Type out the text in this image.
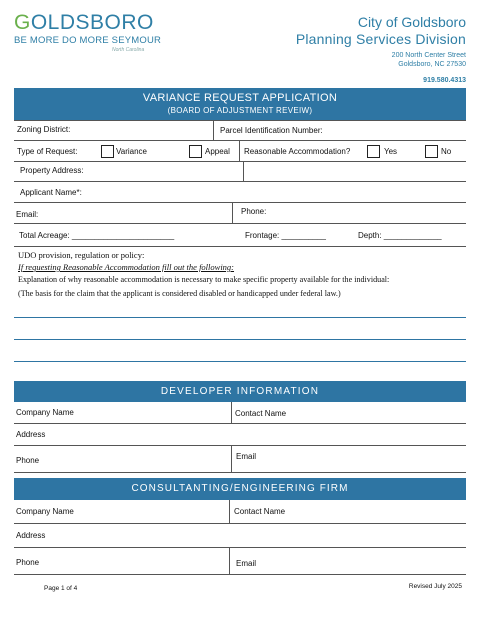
GOLDSBORO
BE MORE DO MORE SEYMOUR
North Carolina
City of Goldsboro
Planning Services Division
200 North Center Street
Goldsboro, NC 27530
919.580.4313
VARIANCE REQUEST APPLICATION
(BOARD OF ADJUSTMENT REVEIW)
Zoning District:	Parcel Identification Number:
Type of Request:	Variance	Appeal Reasonable Accommodation?	Yes	No
Property Address:
Applicant Name*:
Email:	Phone:
Total Acreage: _______________________	Frontage: __________	Depth: _____________
UDO provision, regulation or policy:
If requesting Reasonable Accommodation fill out the following:
Explanation of why reasonable accommodation is necessary to make specific property available for the individual:
(The basis for the claim that the applicant is considered disabled or handicapped under federal law.)
DEVELOPER INFORMATION
Company Name	Contact Name
Address
Phone	Email
CONSULTANTING/ENGINEERING FIRM
Company Name	Contact Name
Address
Phone	Email
Page 1 of 4	Revised July 2025
